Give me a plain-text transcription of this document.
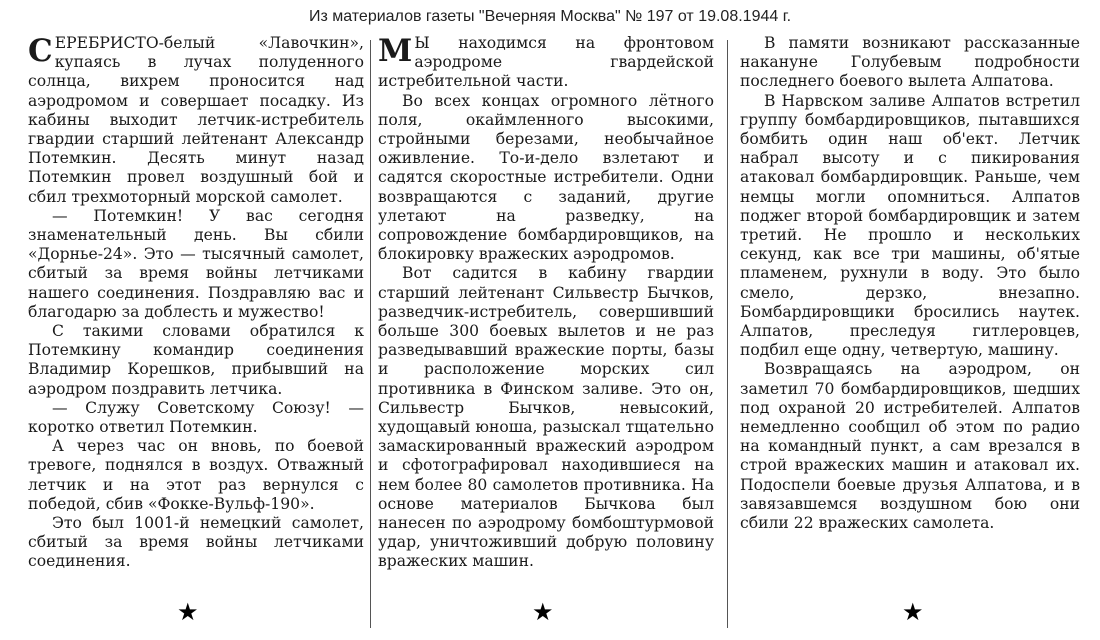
Из материалов газеты "Вечерняя Москва" № 197 от 19.08.1944 г.

СЕРЕБРИСТО-белый «Лавочкин», купаясь в лучах полуденного солнца, вихрем проносится над аэродромом и совершает посадку. Из кабины выходит летчик-истребитель гвардии старший лейтенант Александр Потемкин. Десять минут назад Потемкин провел воздушный бой и сбил трехмоторный морской самолет.

— Потемкин! У вас сегодня знаменательный день. Вы сбили «Дорнье-24». Это — тысячный самолет, сбитый за время войны летчиками нашего соединения. Поздравляю вас и благодарю за доблесть и мужество!

С такими словами обратился к Потемкину командир соединения Владимир Корешков, прибывший на аэродром поздравить летчика.

— Служу Советскому Союзу! — коротко ответил Потемкин.

А через час он вновь, по боевой тревоге, поднялся в воздух. Отважный летчик и на этот раз вернулся с победой, сбив «Фокке-Вульф-190».

Это был 1001-й немецкий самолет, сбитый за время войны летчиками соединения.

М Ы находимся на фронтовом аэродроме гвардейской истребительной части.

Во всех концах огромного лётного поля, окаймленного высокими, стройными березами, необычайное оживление. То-и-дело взлетают и садятся скоростные истребители. Одни возвращаются с заданий, другие улетают на разведку, на сопровождение бомбардировщиков, на блокировку вражеских аэродромов.

Вот садится в кабину гвардии старший лейтенант Сильвестр Бычков, разведчик-истребитель, совершивший больше 300 боевых вылетов и не раз разведывавший вражеские порты, базы и расположение морских сил противника в Финском заливе. Это он, Сильвестр Бычков, невысокий, худощавый юноша, разыскал тщательно замаскированный вражеский аэродром и сфотографировал находившиеся на нем более 80 самолетов противника. На основе материалов Бычкова был нанесен по аэродрому бомбоштурмовой удар, уничтоживший добрую половину вражеских машин.

В памяти возникают рассказанные накануне Голубевым подробности последнего боевого вылета Алпатова.

В Нарвском заливе Алпатов встретил группу бомбардировщиков, пытавшихся бомбить один наш об'ект. Летчик набрал высоту и с пикирования атаковал бомбардировщик. Раньше, чем немцы могли опомниться. Алпатов поджег второй бомбардировщик и затем третий. Не прошло и нескольких секунд, как все три машины, об'ятые пламенем, рухнули в воду. Это было смело, дерзко, внезапно. Бомбардировщики бросились наутек. Алпатов, преследуя гитлеровцев, подбил еще одну, четвертую, машину.

Возвращаясь на аэродром, он заметил 70 бомбардировщиков, шедших под охраной 20 истребителей. Алпатов немедленно сообщил об этом по радио на командный пункт, а сам врезался в строй вражеских машин и атаковал их. Подоспели боевые друзья Алпатова, и в завязавшемся воздушном бою они сбили 22 вражеских самолета.

★	★	★
